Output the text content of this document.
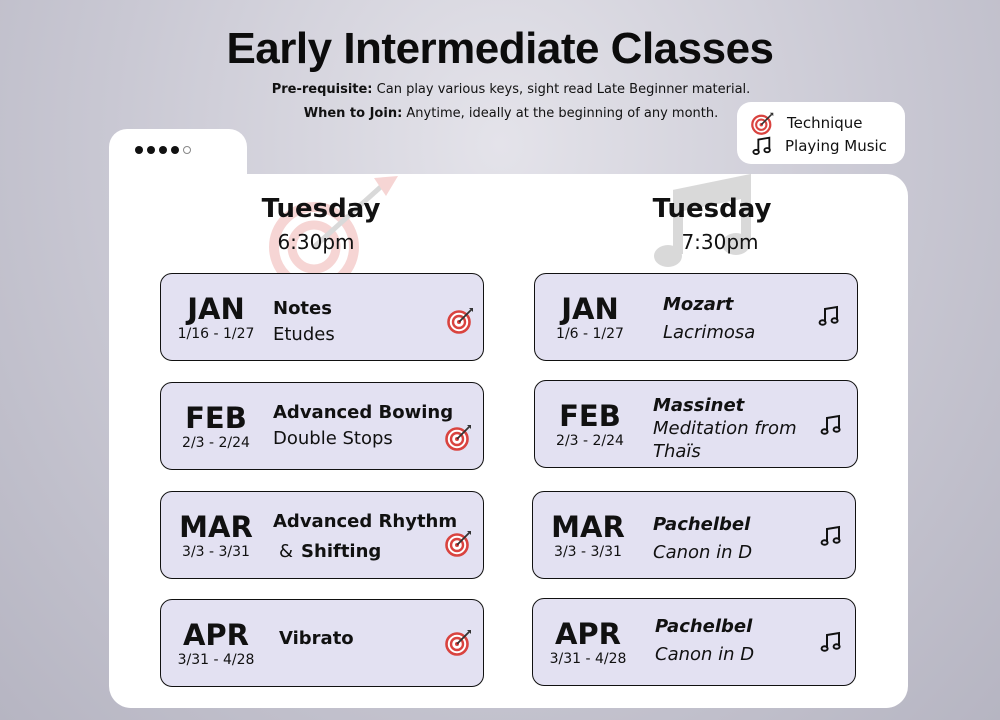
Early Intermediate Classes
Pre-requisite: Can play various keys, sight read Late Beginner material.
When to Join: Anytime, ideally at the beginning of any month.
Technique
Playing Music
Tuesday
6:30pm
Tuesday
7:30pm
JAN
1/16 - 1/27
Notes
Etudes
FEB
2/3 - 2/24
Advanced Bowing
Double Stops
MAR
3/3 - 3/31
Advanced Rhythm
& Shifting
APR
3/31 - 4/28
Vibrato
JAN
1/6 - 1/27
Mozart
Lacrimosa
FEB
2/3 - 2/24
Massinet
Meditation from Thaïs
MAR
3/3 - 3/31
Pachelbel
Canon in D
APR
3/31 - 4/28
Pachelbel
Canon in D
